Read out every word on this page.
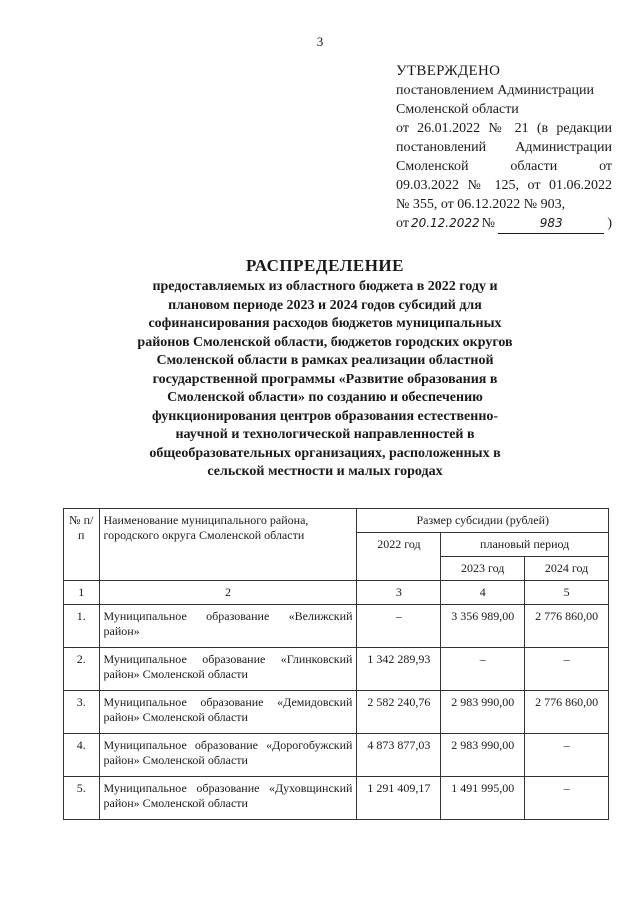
3
УТВЕРЖДЕНО
постановлением Администрации
Смоленской области
от 26.01.2022 № 21 (в редакции
постановлений Администрации
Смоленской области от
09.03.2022 № 125, от 01.06.2022
№ 355, от 06.12.2022 № 903,
от 20.12.2022 №	983	)
РАСПРЕДЕЛЕНИЕ
предоставляемых из областного бюджета в 2022 году и плановом периоде 2023 и 2024 годов субсидий для софинансирования расходов бюджетов муниципальных районов Смоленской области, бюджетов городских округов Смоленской области в рамках реализации областной государственной программы «Развитие образования в Смоленской области» по созданию и обеспечению функционирования центров образования естественно-научной и технологической направленностей в общеобразовательных организациях, расположенных в сельской местности и малых городах
№ п/п	Наименование муниципального района, городского округа Смоленской области	Размер субсидии (рублей)		
		2022 год	плановый период	
			2023 год	2024 год
1	2	3	4	5
1.	Муниципальное образование «Велижский район»	–	3 356 989,00	2 776 860,00
2.	Муниципальное образование «Глинковский район» Смоленской области	1 342 289,93	–	–
3.	Муниципальное образование «Демидовский район» Смоленской области	2 582 240,76	2 983 990,00	2 776 860,00
4.	Муниципальное образование «Дорогобужский район» Смоленской области	4 873 877,03	2 983 990,00	–
5.	Муниципальное образование «Духовщинский район» Смоленской области	1 291 409,17	1 491 995,00	–
